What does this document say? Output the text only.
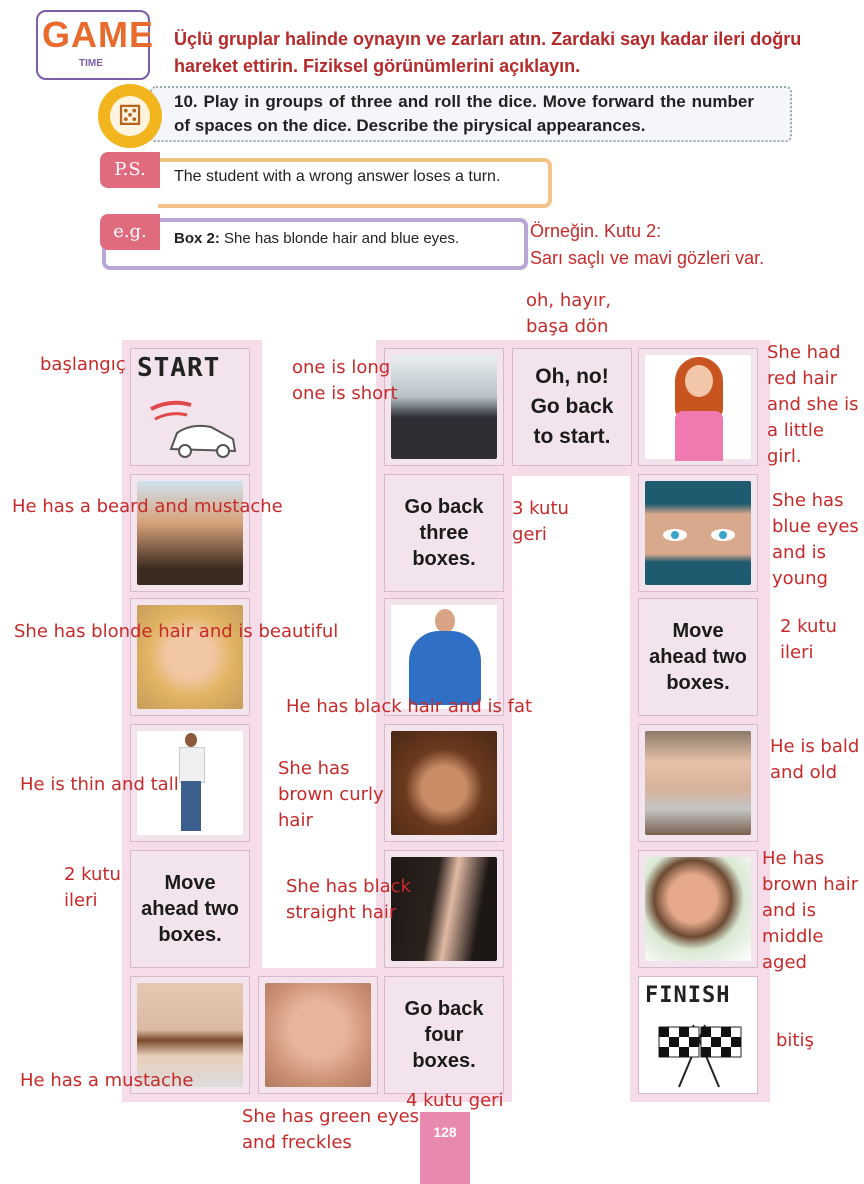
GAME
TIME
Üçlü gruplar halinde oynayın ve zarları atın. Zardaki sayı kadar ileri doğru hareket ettirin. Fiziksel görünümlerini açıklayın.
⚄	10. Play in groups of three and roll the dice. Move forward the number of spaces on the dice. Describe the pirysical appearances.
P.S.	The student with a wrong answer loses a turn.
e.g.	Box 2: She has blonde hair and blue eyes.	Örneğin. Kutu 2:
Sarı saçlı ve mavi gözleri var.
START
Move ahead two boxes.
Go back three boxes.
Go back four boxes.
Oh, no! Go back to start.
Move ahead two boxes.
FINISH
başlangıç	one is long one is short
oh, hayır, başa dön
She had red hair and she is a little girl.
He has a beard and mustache	3 kutu geri
She has blue eyes and is young
She has blonde hair and is beautiful	2 kutu ileri
He has black hair and is fat
He is bald and old
He is thin and tall
She has brown curly hair
2 kutu ileri
She has black straight hair
He has brown hair and is middle aged
He has a mustache
4 kutu geri
She has green eyes and freckles
bitiş
128
